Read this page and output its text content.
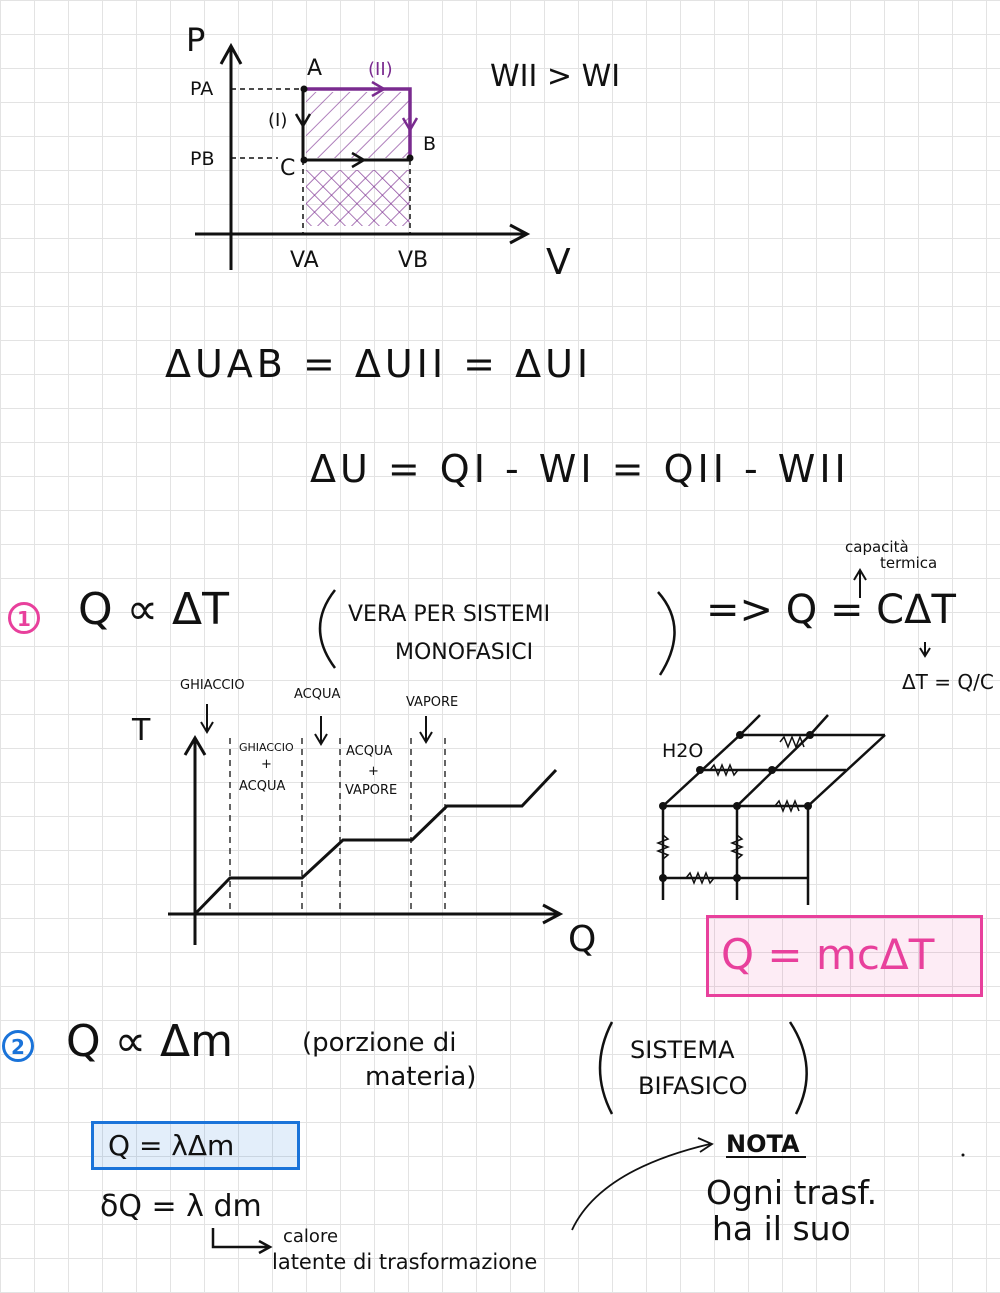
P
PA
PB
A
B
C
(I)
(II)
VA	VB	V
WII > WI
ΔUAB = ΔUII = ΔUI
ΔU = QI - WI = QII - WII
1 Q ∝ ΔT	VERA PER SISTEMI
MONOFASICI
=> Q = CΔT
capacità
termica
ΔT = Q/C
T
Q
GHIACCIO
ACQUA
VAPORE
GHIACCIO
+
ACQUA
ACQUA
+
VAPORE
H2O
Q = mcΔT
2 Q ∝ Δm	(porzione di
materia)
SISTEMA
BIFASICO
Q = λΔm
δQ = λ dm
calore
latente di trasformazione
NOTA
Ogni trasf.
ha il suo
